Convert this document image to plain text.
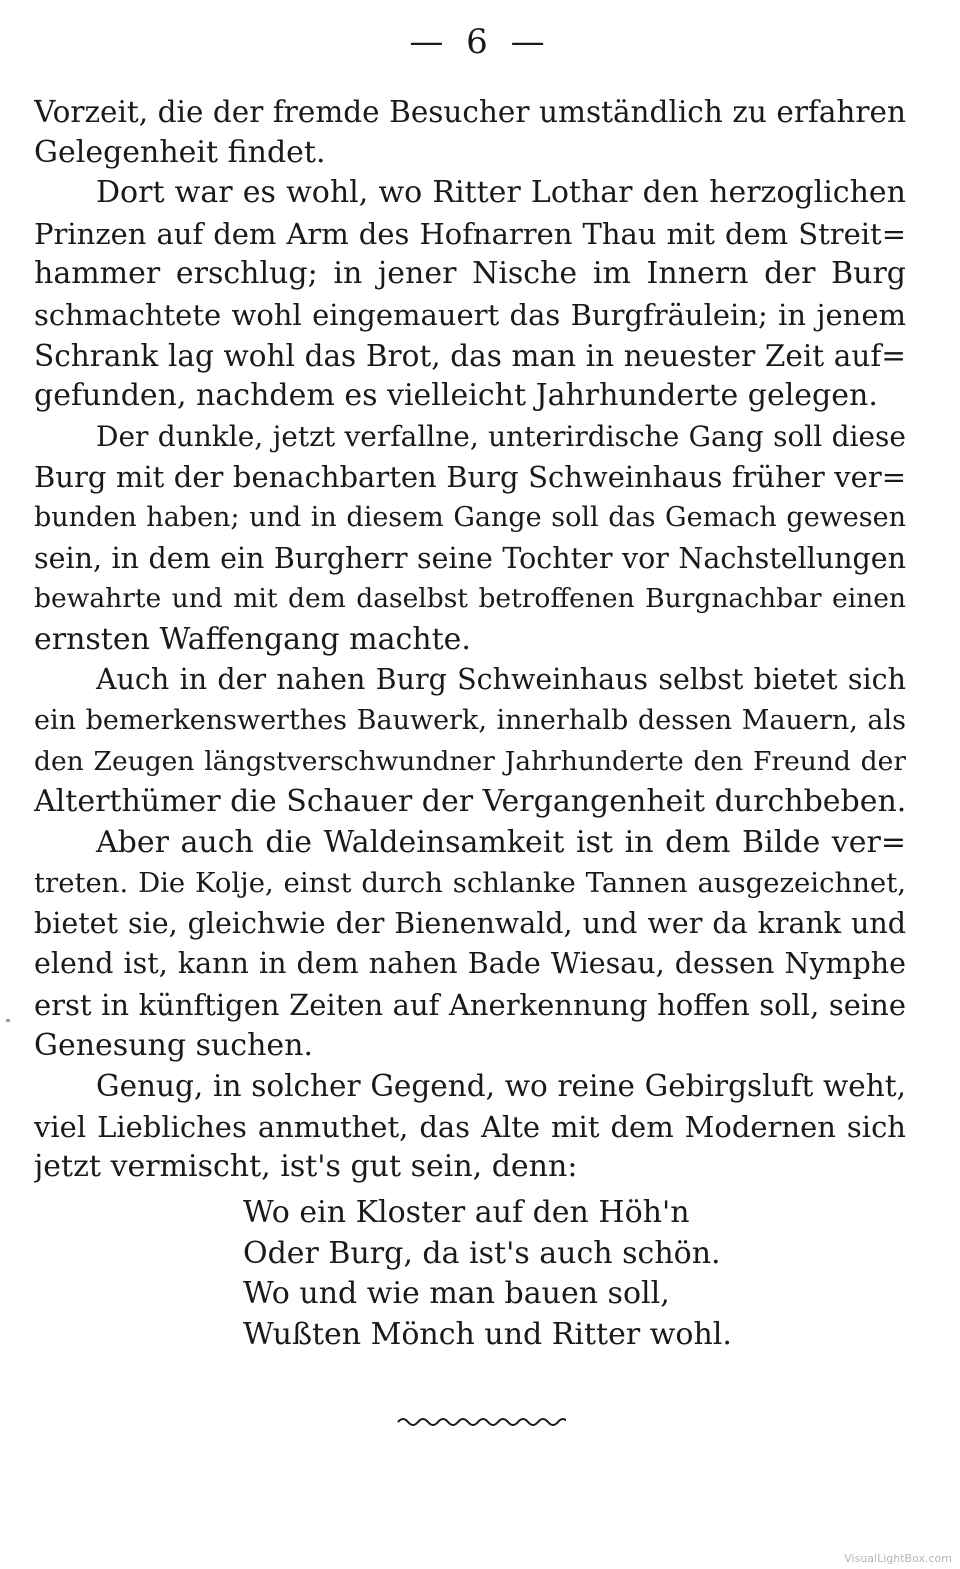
— 6 —
Vorzeit, die der fremde Besucher umständlich zu erfahren
Gelegenheit findet.
Dort war es wohl, wo Ritter Lothar den herzoglichen
Prinzen auf dem Arm des Hofnarren Thau mit dem Streit=
hammer erschlug; in jener Nische im Innern der Burg
schmachtete wohl eingemauert das Burgfräulein; in jenem
Schrank lag wohl das Brot, das man in neuester Zeit auf=
gefunden, nachdem es vielleicht Jahrhunderte gelegen.
Der dunkle, jetzt verfallne, unterirdische Gang soll diese
Burg mit der benachbarten Burg Schweinhaus früher ver=
bunden haben; und in diesem Gange soll das Gemach gewesen
sein, in dem ein Burgherr seine Tochter vor Nachstellungen
bewahrte und mit dem daselbst betroffenen Burgnachbar einen
ernsten Waffengang machte.
Auch in der nahen Burg Schweinhaus selbst bietet sich
ein bemerkenswerthes Bauwerk, innerhalb dessen Mauern, als
den Zeugen längstverschwundner Jahrhunderte den Freund der
Alterthümer die Schauer der Vergangenheit durchbeben.
Aber auch die Waldeinsamkeit ist in dem Bilde ver=
treten. Die Kolje, einst durch schlanke Tannen ausgezeichnet,
bietet sie, gleichwie der Bienenwald, und wer da krank und
elend ist, kann in dem nahen Bade Wiesau, dessen Nymphe
erst in künftigen Zeiten auf Anerkennung hoffen soll, seine
Genesung suchen.
Genug, in solcher Gegend, wo reine Gebirgsluft weht,
viel Liebliches anmuthet, das Alte mit dem Modernen sich
jetzt vermischt, ist's gut sein, denn:
Wo ein Kloster auf den Höh'n
Oder Burg, da ist's auch schön.
Wo und wie man bauen soll,
Wußten Mönch und Ritter wohl.
VisualLightBox.com
